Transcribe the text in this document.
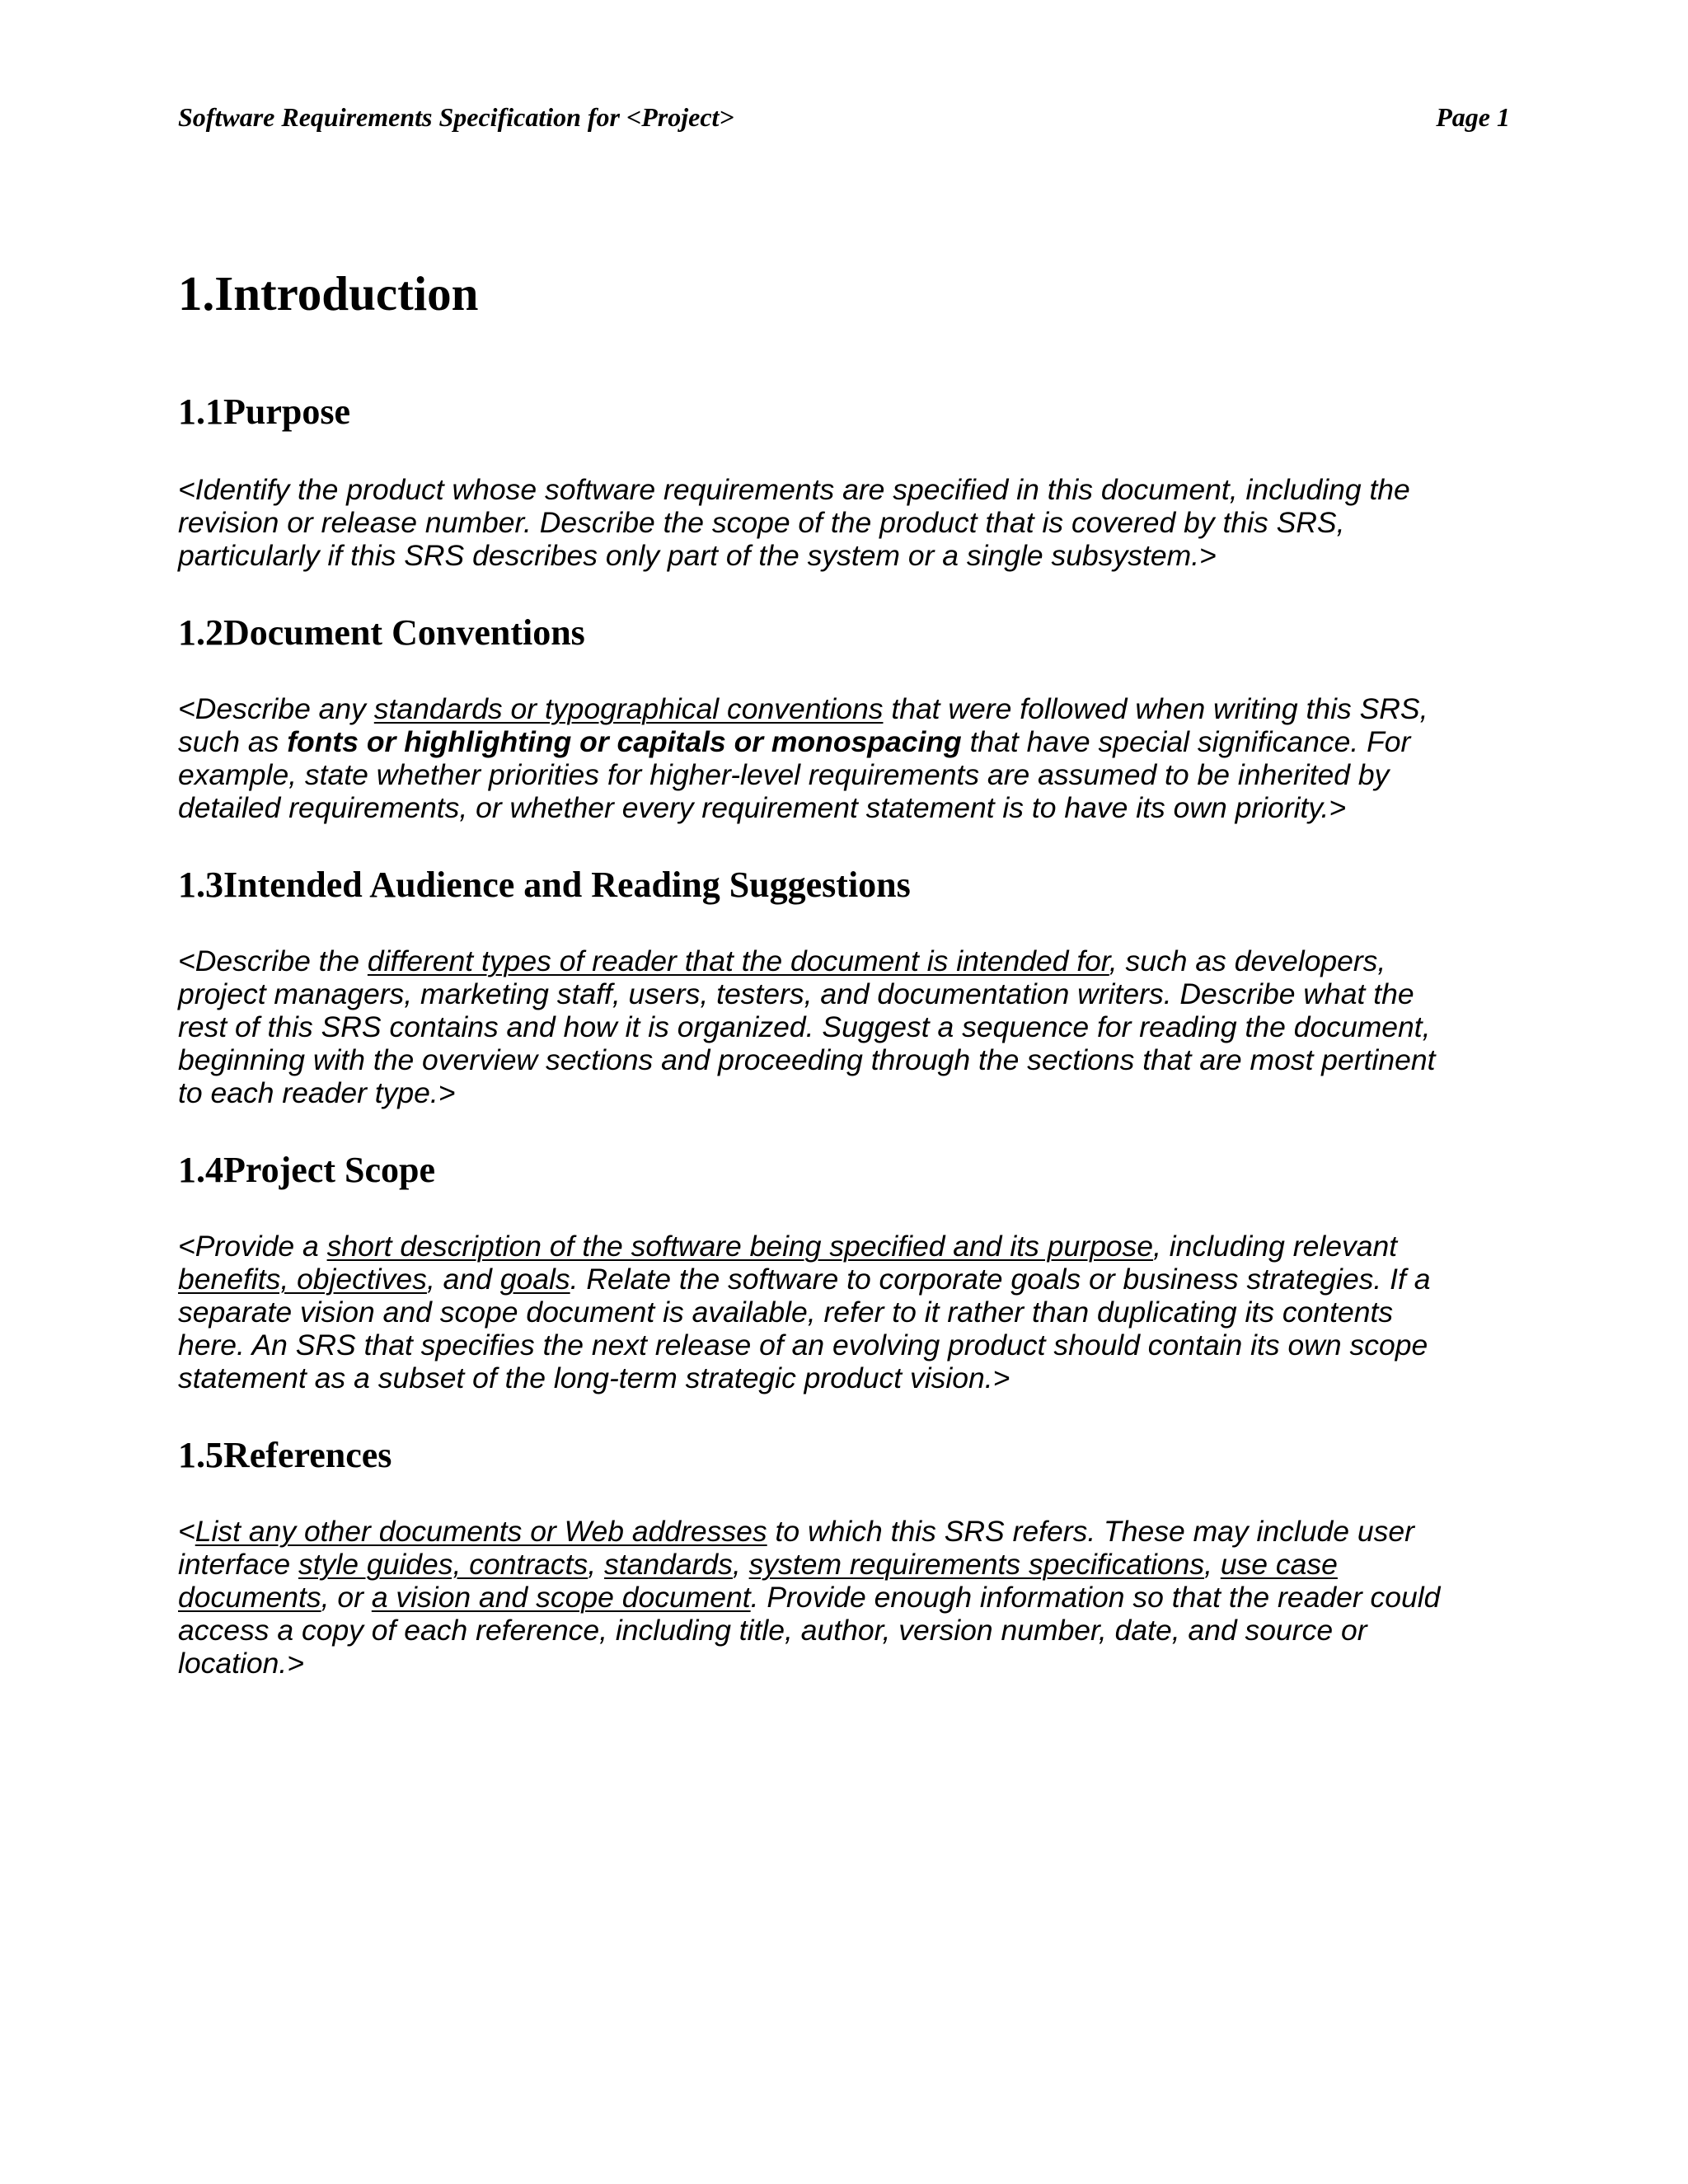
Software Requirements Specification for <Project>	Page 1
1.Introduction
1.1Purpose

<Identify the product whose software requirements are specified in this document, including the
revision or release number. Describe the scope of the product that is covered by this SRS,
particularly if this SRS describes only part of the system or a single subsystem.>

1.2Document Conventions

<Describe any standards or typographical conventions that were followed when writing this SRS,
such as fonts or highlighting or capitals or monospacing that have special significance. For
example, state whether priorities for higher-level requirements are assumed to be inherited by
detailed requirements, or whether every requirement statement is to have its own priority.>

1.3Intended Audience and Reading Suggestions

<Describe the different types of reader that the document is intended for, such as developers,
project managers, marketing staff, users, testers, and documentation writers. Describe what the
rest of this SRS contains and how it is organized. Suggest a sequence for reading the document,
beginning with the overview sections and proceeding through the sections that are most pertinent
to each reader type.>

1.4Project Scope

<Provide a short description of the software being specified and its purpose, including relevant
benefits, objectives, and goals. Relate the software to corporate goals or business strategies. If a
separate vision and scope document is available, refer to it rather than duplicating its contents
here. An SRS that specifies the next release of an evolving product should contain its own scope
statement as a subset of the long-term strategic product vision.>

1.5References

<List any other documents or Web addresses to which this SRS refers. These may include user
interface style guides, contracts, standards, system requirements specifications, use case
documents, or a vision and scope document. Provide enough information so that the reader could
access a copy of each reference, including title, author, version number, date, and source or
location.>
